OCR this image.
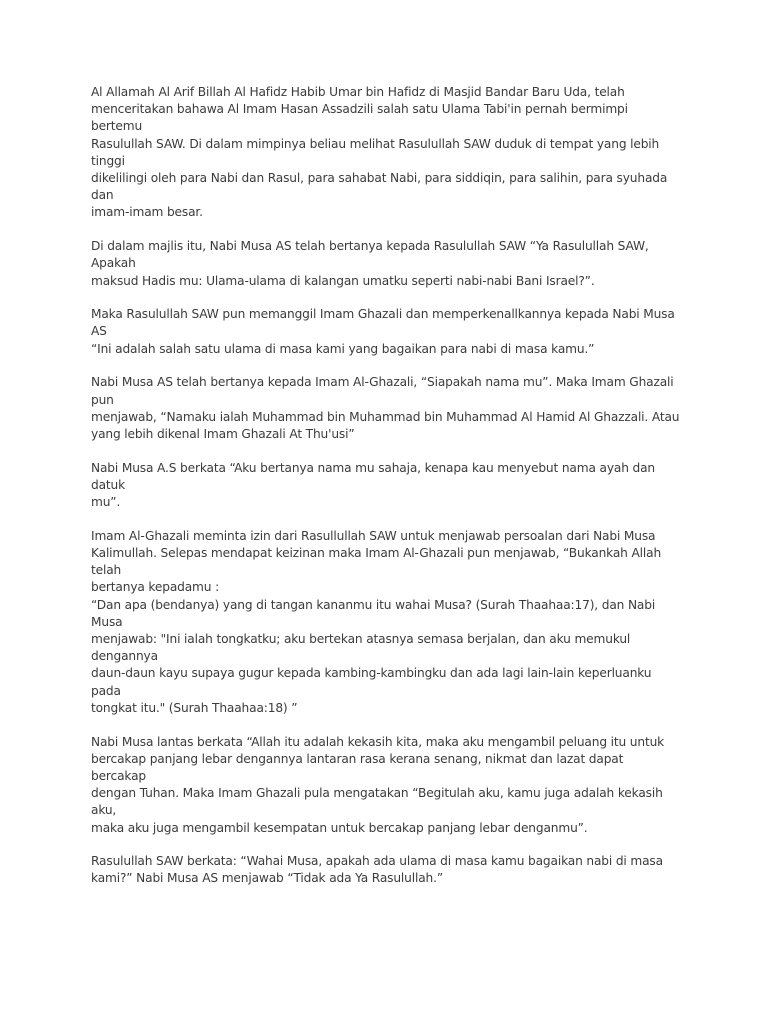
Al Allamah Al Arif Billah Al Hafidz Habib Umar bin Hafidz di Masjid Bandar Baru Uda, telah
menceritakan bahawa Al Imam Hasan Assadzili salah satu Ulama Tabi'in pernah bermimpi bertemu
Rasulullah SAW. Di dalam mimpinya beliau melihat Rasulullah SAW duduk di tempat yang lebih tinggi
dikelilingi oleh para Nabi dan Rasul, para sahabat Nabi, para siddiqin, para salihin, para syuhada dan
imam-imam besar.

Di dalam majlis itu, Nabi Musa AS telah bertanya kepada Rasulullah SAW “Ya Rasulullah SAW, Apakah
maksud Hadis mu: Ulama-ulama di kalangan umatku seperti nabi-nabi Bani Israel?”.

Maka Rasulullah SAW pun memanggil Imam Ghazali dan memperkenallkannya kepada Nabi Musa AS
“Ini adalah salah satu ulama di masa kami yang bagaikan para nabi di masa kamu.”

Nabi Musa AS telah bertanya kepada Imam Al-Ghazali, “Siapakah nama mu”. Maka Imam Ghazali pun
menjawab, “Namaku ialah Muhammad bin Muhammad bin Muhammad Al Hamid Al Ghazzali. Atau
yang lebih dikenal Imam Ghazali At Thu'usi”

Nabi Musa A.S berkata “Aku bertanya nama mu sahaja, kenapa kau menyebut nama ayah dan datuk
mu”.

Imam Al-Ghazali meminta izin dari Rasullullah SAW untuk menjawab persoalan dari Nabi Musa
Kalimullah. Selepas mendapat keizinan maka Imam Al-Ghazali pun menjawab, “Bukankah Allah telah
bertanya kepadamu :
“Dan apa (bendanya) yang di tangan kananmu itu wahai Musa? (Surah Thaahaa:17), dan Nabi Musa
menjawab: "Ini ialah tongkatku; aku bertekan atasnya semasa berjalan, dan aku memukul dengannya
daun-daun kayu supaya gugur kepada kambing-kambingku dan ada lagi lain-lain keperluanku pada
tongkat itu." (Surah Thaahaa:18) ”

Nabi Musa lantas berkata “Allah itu adalah kekasih kita, maka aku mengambil peluang itu untuk
bercakap panjang lebar dengannya lantaran rasa kerana senang, nikmat dan lazat dapat bercakap
dengan Tuhan. Maka Imam Ghazali pula mengatakan “Begitulah aku, kamu juga adalah kekasih aku,
maka aku juga mengambil kesempatan untuk bercakap panjang lebar denganmu”.

Rasulullah SAW berkata: “Wahai Musa, apakah ada ulama di masa kamu bagaikan nabi di masa
kami?” Nabi Musa AS menjawab “Tidak ada Ya Rasulullah.”
